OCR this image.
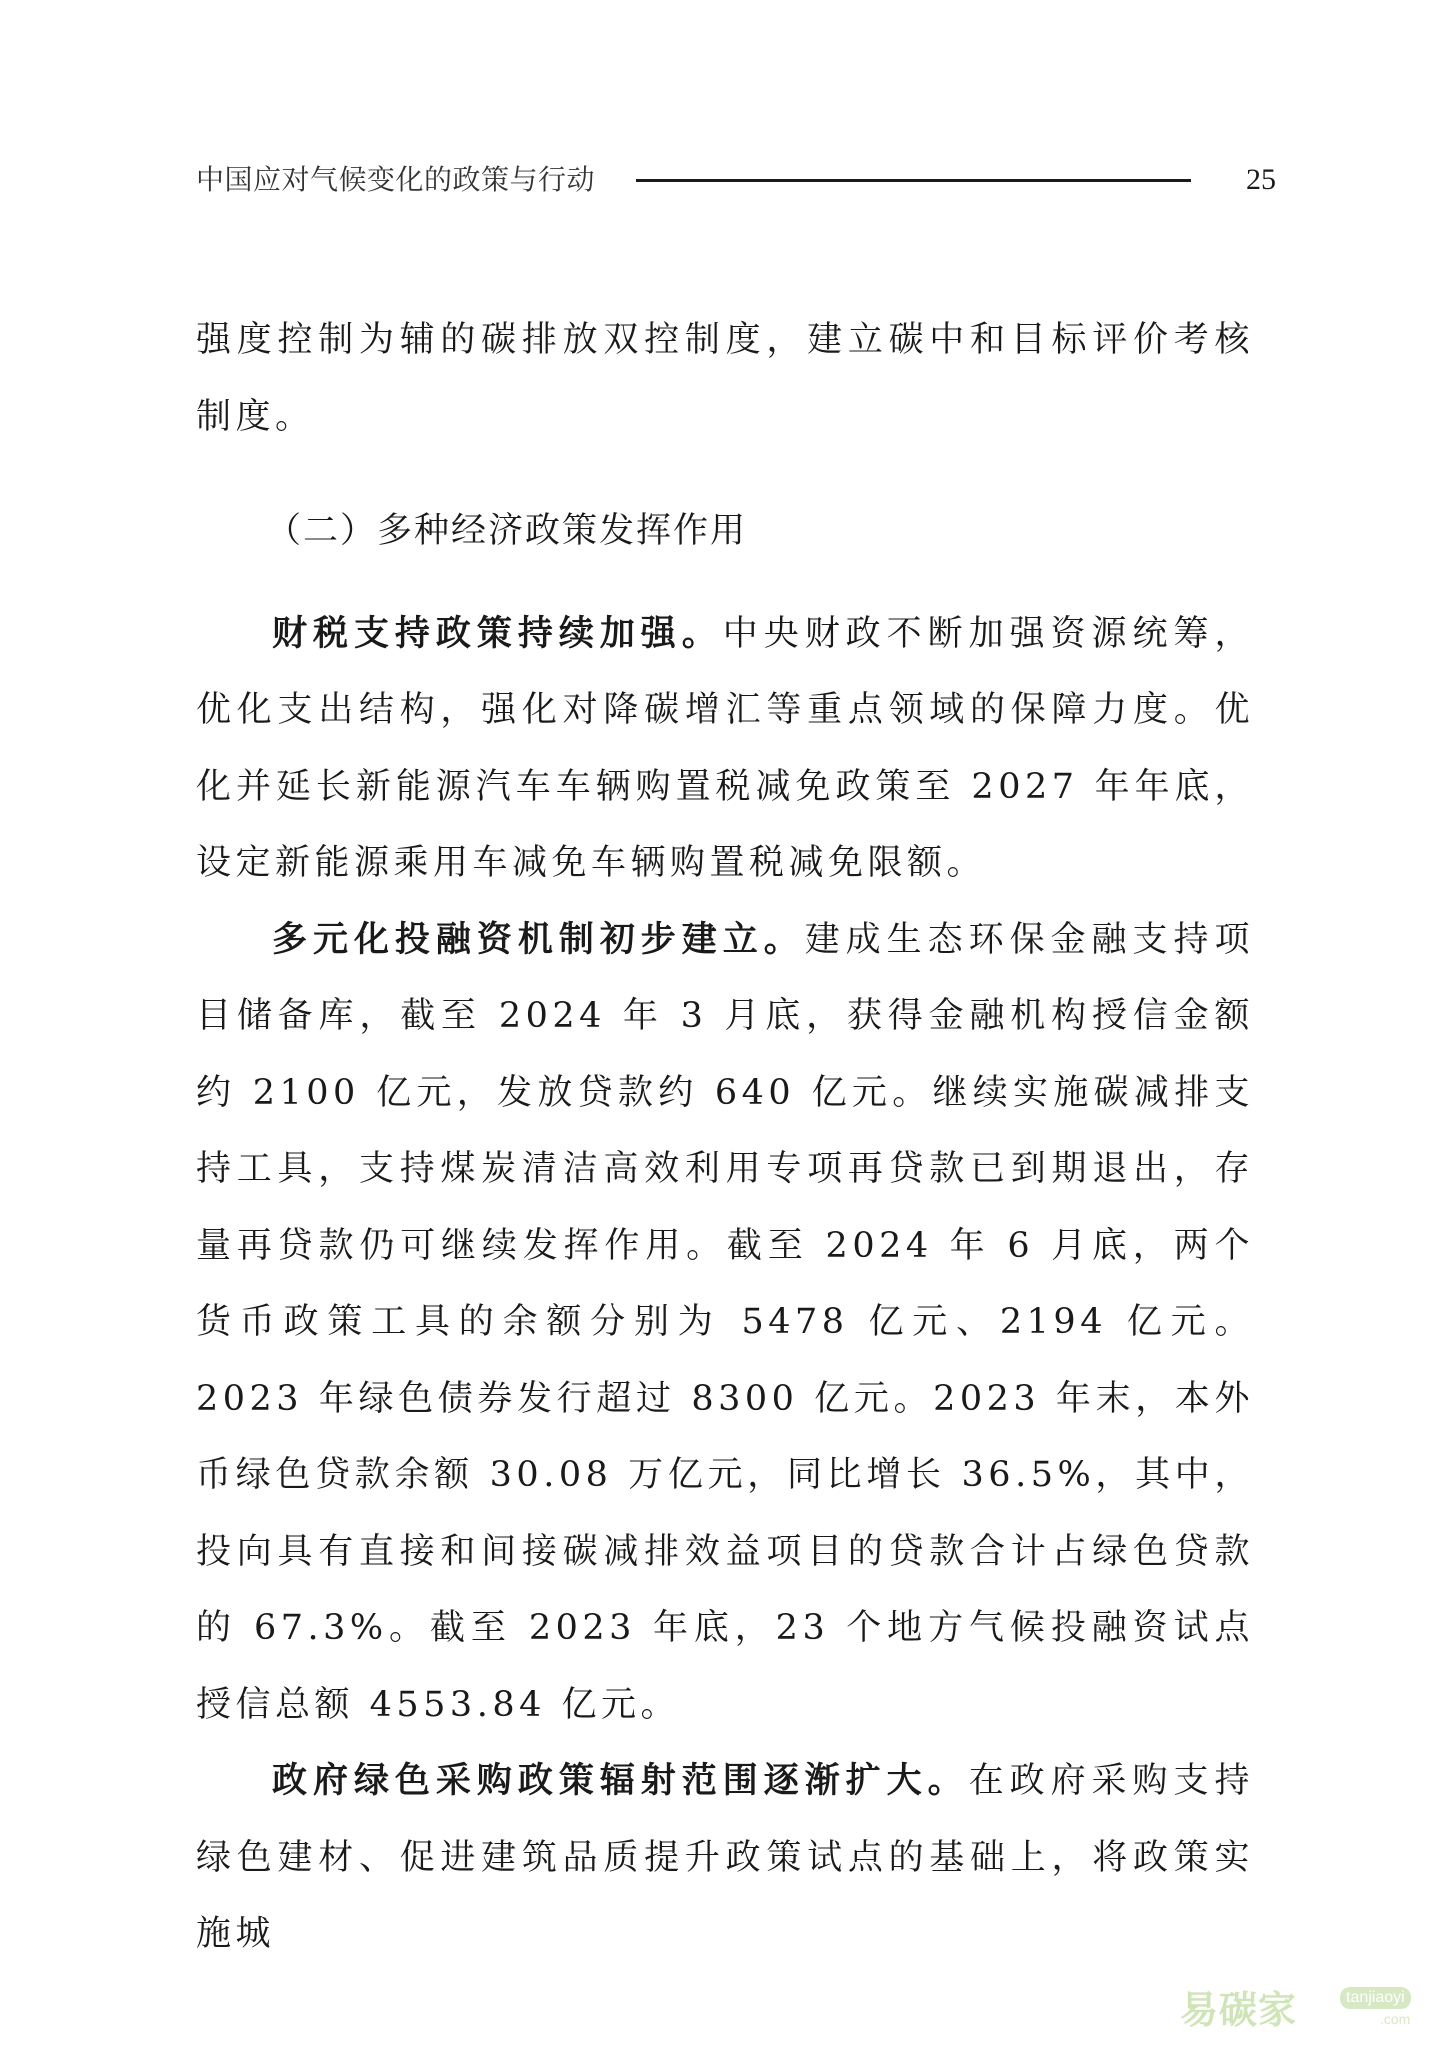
中国应对气候变化的政策与行动	25

强度控制为辅的碳排放双控制度，建立碳中和目标评价考核制度。

（二）多种经济政策发挥作用

财税支持政策持续加强。中央财政不断加强资源统筹，优化支出结构，强化对降碳增汇等重点领域的保障力度。优化并延长新能源汽车车辆购置税减免政策至 2027 年年底，设定新能源乘用车减免车辆购置税减免限额。

多元化投融资机制初步建立。建成生态环保金融支持项目储备库，截至 2024 年 3 月底，获得金融机构授信金额约 2100 亿元，发放贷款约 640 亿元。继续实施碳减排支持工具，支持煤炭清洁高效利用专项再贷款已到期退出，存量再贷款仍可继续发挥作用。截至 2024 年 6 月底，两个货币政策工具的余额分别为 5478 亿元、2194 亿元。2023 年绿色债券发行超过 8300 亿元。2023 年末，本外币绿色贷款余额 30.08 万亿元，同比增长 36.5%，其中，投向具有直接和间接碳减排效益项目的贷款合计占绿色贷款的 67.3%。截至 2023 年底，23 个地方气候投融资试点授信总额 4553.84 亿元。

政府绿色采购政策辐射范围逐渐扩大。在政府采购支持绿色建材、促进建筑品质提升政策试点的基础上，将政策实施城

易碳家	tanjiaoyi
.com
